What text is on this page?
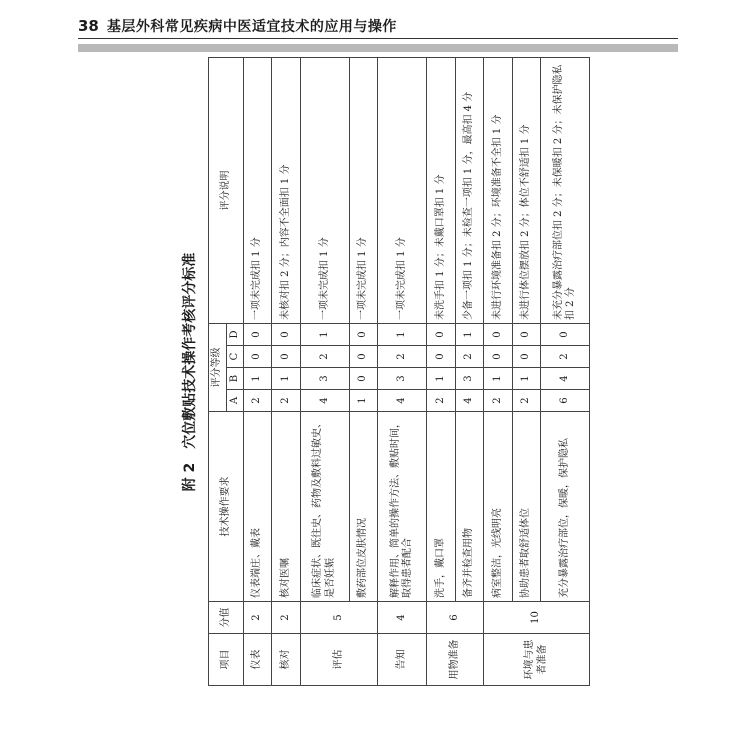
38 基层外科常见疾病中医适宜技术的应用与操作
附 2　穴位敷贴技术操作考核评分标准
项目	分值	技术操作要求	评分等级				评分说明
			A	B	C	D	
仪表	2	仪表端庄、戴表	2	1	0	0	一项未完成扣 1 分
核对	2	核对医嘱	2	1	0	0	未核对扣 2 分；内容不全面扣 1 分
评估	5	临床症状、既往史、药物及敷料过敏史、是否妊娠	4	3	2	1	一项未完成扣 1 分
		敷药部位皮肤情况	1	0	0	0	一项未完成扣 1 分
告知	4	解释作用、简单的操作方法、敷贴时间，取得患者配合	4	3	2	1	一项未完成扣 1 分
用物准备	6	洗手，戴口罩	2	1	0	0	未洗手扣 1 分；未戴口罩扣 1 分
		备齐并检查用物	4	3	2	1	少备一项扣 1 分；未检查一项扣 1 分，最高扣 4 分
环境与患者准备	10	病室整洁，光线明亮	2	1	0	0	未进行环境准备扣 2 分；环境准备不全扣 1 分
		协助患者取舒适体位	2	1	0	0	未进行体位摆放扣 2 分；体位不舒适扣 1 分
		充分暴露治疗部位，保暖，保护隐私	6	4	2	0	未充分暴露治疗部位扣 2 分；未保暖扣 2 分；未保护隐私扣 2 分
